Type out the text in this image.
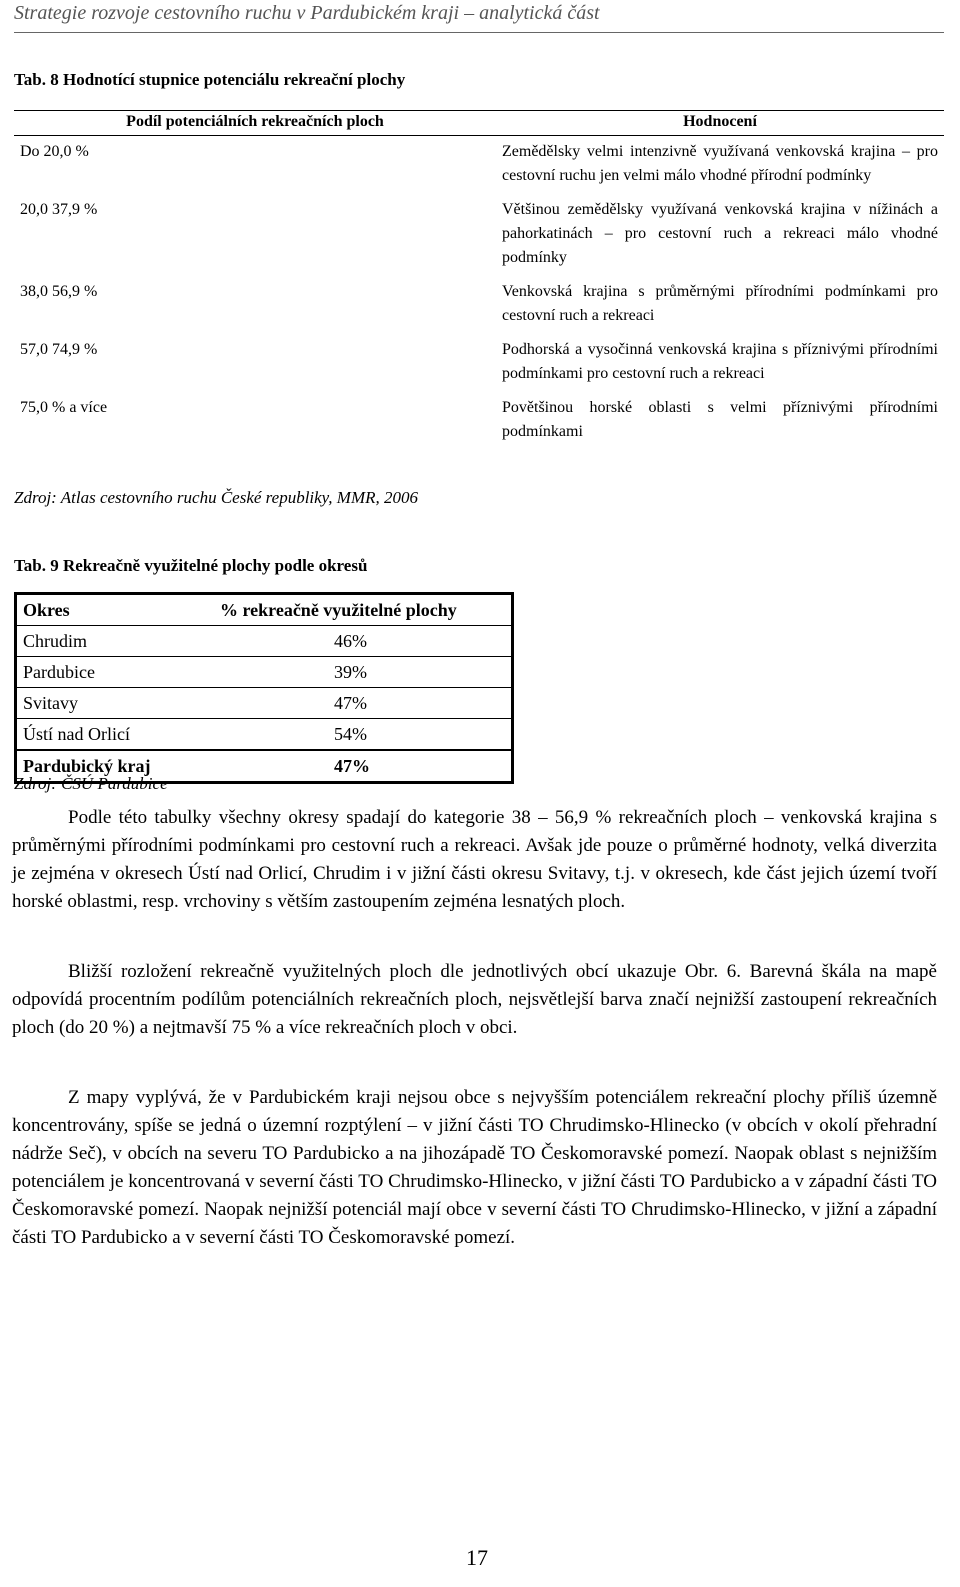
Strategie rozvoje cestovního ruchu v Pardubickém kraji – analytická část
Tab. 8 Hodnotící stupnice potenciálu rekreační plochy
Podíl potenciálních rekreačních ploch	Hodnocení
Do 20,0 %	Zemědělsky velmi intenzivně využívaná venkovská krajina – pro cestovní ruchu jen velmi málo vhodné přírodní podmínky
20,0 37,9 %	Většinou zemědělsky využívaná venkovská krajina v nížinách a pahorkatinách – pro cestovní ruch a rekreaci málo vhodné podmínky
38,0 56,9 %	Venkovská krajina s průměrnými přírodními podmínkami pro cestovní ruch a rekreaci
57,0 74,9 %	Podhorská a vysočinná venkovská krajina s příznivými přírodními podmínkami pro cestovní ruch a rekreaci
75,0 % a více	Povětšinou horské oblasti s velmi příznivými přírodními podmínkami
Zdroj: Atlas cestovního ruchu České republiky, MMR, 2006
Tab. 9 Rekreačně využitelné plochy podle okresů
Okres	% rekreačně využitelné plochy
Chrudim	46%
Pardubice	39%
Svitavy	47%
Ústí nad Orlicí	54%
Pardubický kraj	47%
Zdroj: ČSÚ Pardubice

Podle této tabulky všechny okresy spadají do kategorie 38 – 56,9 % rekreačních ploch – venkovská krajina s průměrnými přírodními podmínkami pro cestovní ruch a rekreaci. Avšak jde pouze o průměrné hodnoty, velká diverzita je zejména v okresech Ústí nad Orlicí, Chrudim i v jižní části okresu Svitavy, t.j. v okresech, kde část jejich území tvoří horské oblastmi, resp. vrchoviny s větším zastoupením zejména lesnatých ploch.

Bližší rozložení rekreačně využitelných ploch dle jednotlivých obcí ukazuje Obr. 6. Barevná škála na mapě odpovídá procentním podílům potenciálních rekreačních ploch, nejsvětlejší barva značí nejnižší zastoupení rekreačních ploch (do 20 %) a nejtmavší 75 % a více rekreačních ploch v obci.

Z mapy vyplývá, že v Pardubickém kraji nejsou obce s nejvyšším potenciálem rekreační plochy příliš územně koncentrovány, spíše se jedná o územní rozptýlení – v jižní části TO Chrudimsko-Hlinecko (v obcích v okolí přehradní nádrže Seč), v obcích na severu TO Pardubicko a na jihozápadě TO Českomoravské pomezí. Naopak oblast s nejnižším potenciálem je koncentrovaná v severní části TO Chrudimsko-Hlinecko, v jižní části TO Pardubicko a v západní části TO Českomoravské pomezí. Naopak nejnižší potenciál mají obce v severní části TO Chrudimsko-Hlinecko, v jižní a západní části TO Pardubicko a v severní části TO Českomoravské pomezí.

17
